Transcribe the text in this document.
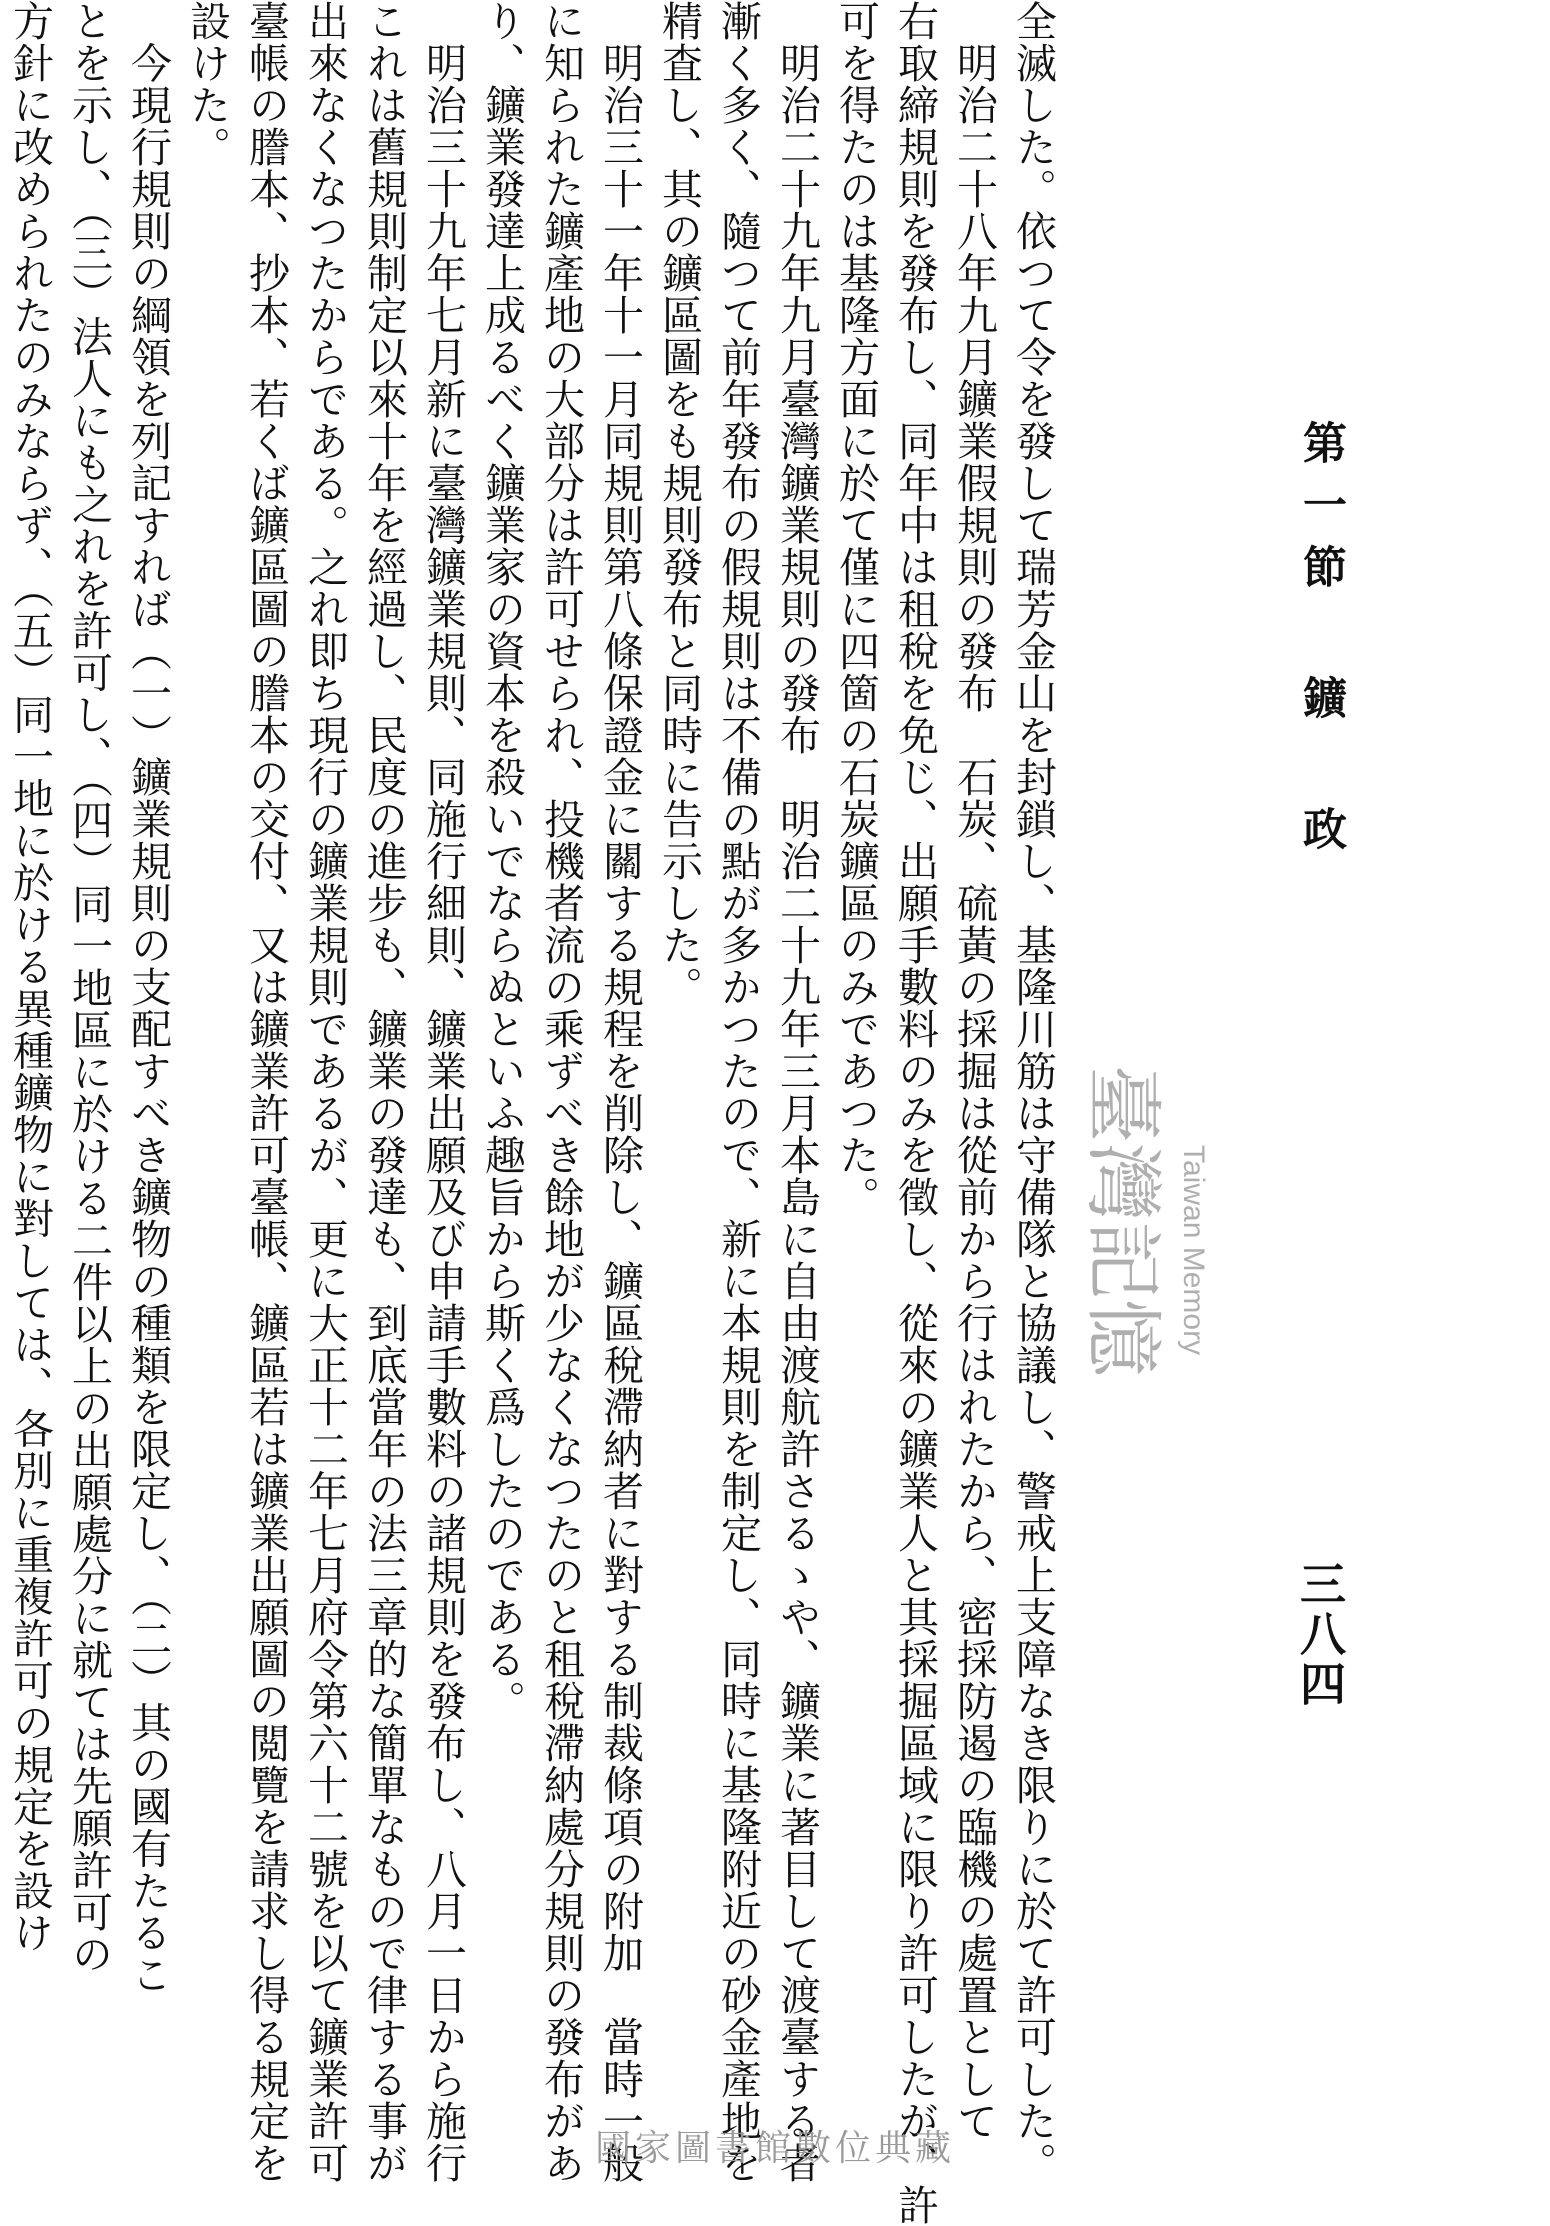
第一節 鑛 政
三八四
全滅した。依つて令を發して瑞芳金山を封鎖し、基隆川筋は守備隊と協議し、警戒上支障なき限りに於て許可した。
　明治二十八年九月鑛業假規則の發布　石炭、硫黃の採掘は從前から行はれたから、密採防遏の臨機の處置として
右取締規則を發布し、同年中は租稅を免じ、出願手數料のみを徵し、從來の鑛業人と其採掘區域に限り許可したが、許
可を得たのは基隆方面に於て僅に四箇の石炭鑛區のみであつた。
　明治二十九年九月臺灣鑛業規則の發布　明治二十九年三月本島に自由渡航許さるゝや、鑛業に著目して渡臺する者
漸く多く、隨つて前年發布の假規則は不備の點が多かつたので、新に本規則を制定し、同時に基隆附近の砂金產地を
精査し、其の鑛區圖をも規則發布と同時に告示した。
　明治三十一年十一月同規則第八條保證金に關する規程を削除し、鑛區稅滯納者に對する制裁條項の附加　當時一般
に知られた鑛產地の大部分は許可せられ、投機者流の乘ずべき餘地が少なくなつたのと租稅滯納處分規則の發布があ
り、鑛業發達上成るべく鑛業家の資本を殺いでならぬといふ趣旨から斯く爲したのである。
　明治三十九年七月新に臺灣鑛業規則、同施行細則、鑛業出願及び申請手數料の諸規則を發布し、八月一日から施行
これは舊規則制定以來十年を經過し、民度の進步も、鑛業の發達も、到底當年の法三章的な簡單なもので律する事が
出來なくなつたからである。之れ即ち現行の鑛業規則であるが、更に大正十二年七月府令第六十二號を以て鑛業許可
臺帳の謄本、抄本、若くば鑛區圖の謄本の交付、又は鑛業許可臺帳、鑛區若は鑛業出願圖の閲覽を請求し得る規定を
設けた。
　今現行規則の綱領を列記すれば（一）鑛業規則の支配すべき鑛物の種類を限定し、（二）其の國有たるこ
とを示し、（三）法人にも之れを許可し、（四）同一地區に於ける二件以上の出願處分に就ては先願許可の
方針に改められたのみならず、（五）同一地に於ける異種鑛物に對しては、各別に重複許可の規定を設け	臺灣記憶 Taiwan Memory
國家圖書館數位典藏
